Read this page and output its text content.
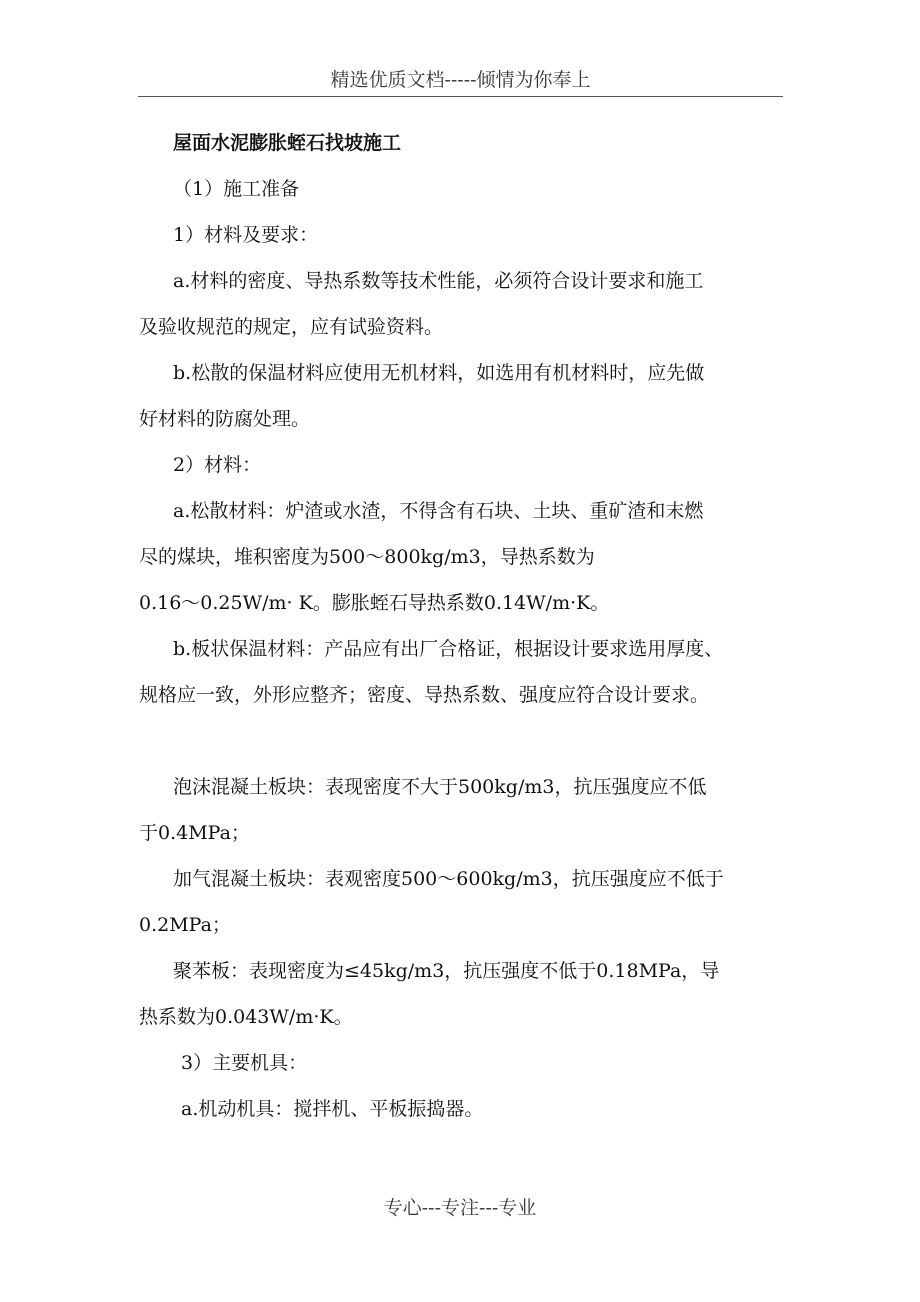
精选优质文档-----倾情为你奉上

屋面水泥膨胀蛭石找坡施工

（1）施工准备

1）材料及要求：

a.材料的密度、导热系数等技术性能，必须符合设计要求和施工

及验收规范的规定，应有试验资料。

b.松散的保温材料应使用无机材料，如选用有机材料时，应先做

好材料的防腐处理。

2）材料：

a.松散材料：炉渣或水渣，不得含有石块、土块、重矿渣和末燃

尽的煤块，堆积密度为500～800kg/m3，导热系数为

0.16～0.25W/m· K。膨胀蛭石导热系数0.14W/m·K。

b.板状保温材料：产品应有出厂合格证，根据设计要求选用厚度、

规格应一致，外形应整齐；密度、导热系数、强度应符合设计要求。

泡沫混凝土板块：表现密度不大于500kg/m3，抗压强度应不低

于0.4MPa；

加气混凝土板块：表观密度500～600kg/m3，抗压强度应不低于

0.2MPa；

聚苯板：表现密度为≤45kg/m3，抗压强度不低于0.18MPa，导

热系数为0.043W/m·K。

3）主要机具：

a.机动机具：搅拌机、平板振捣器。

专心---专注---专业
